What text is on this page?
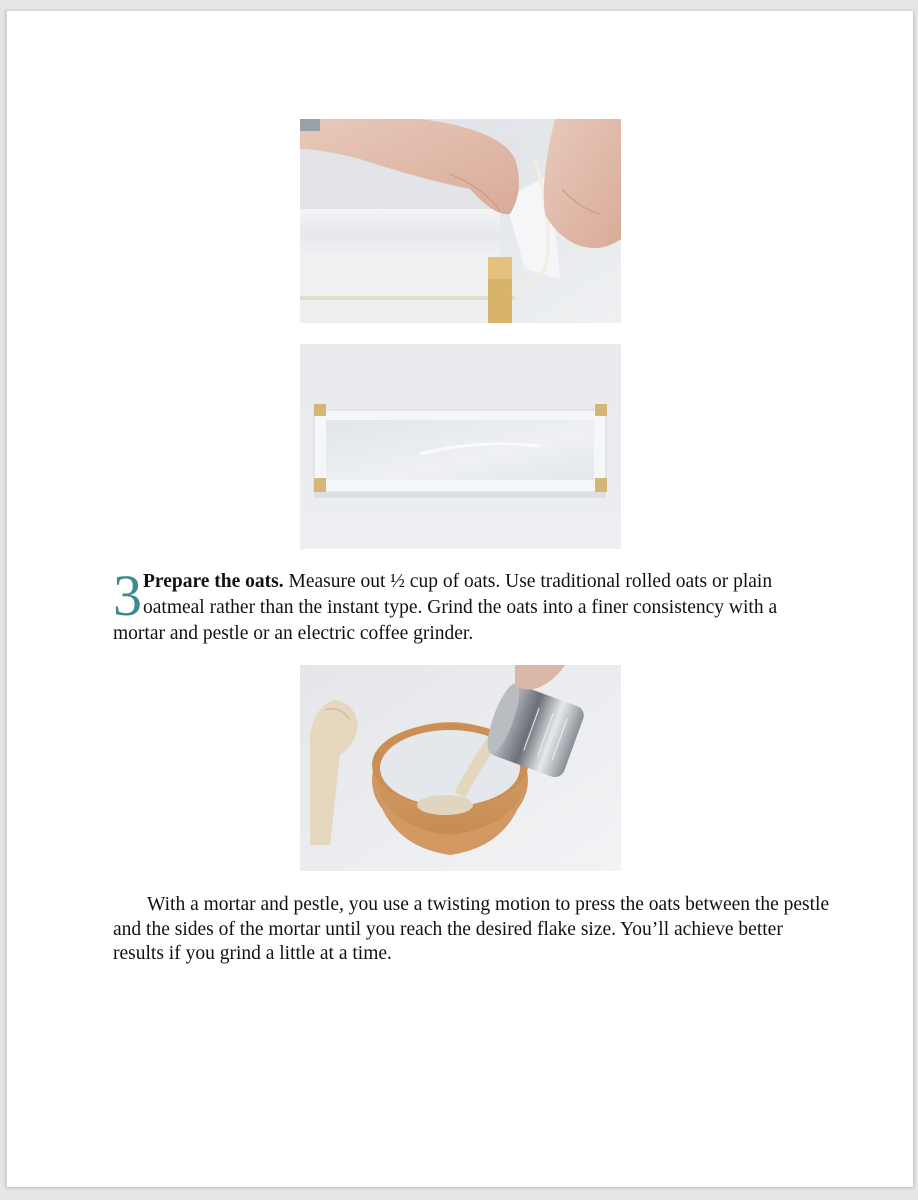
3 Prepare the oats. Measure out ½ cup of oats. Use traditional rolled oats or plain oatmeal rather than the instant type. Grind the oats into a finer consistency with a mortar and pestle or an electric coffee grinder.
With a mortar and pestle, you use a twisting motion to press the oats between the pestle and the sides of the mortar until you reach the desired flake size. You’ll achieve better results if you grind a little at a time.
